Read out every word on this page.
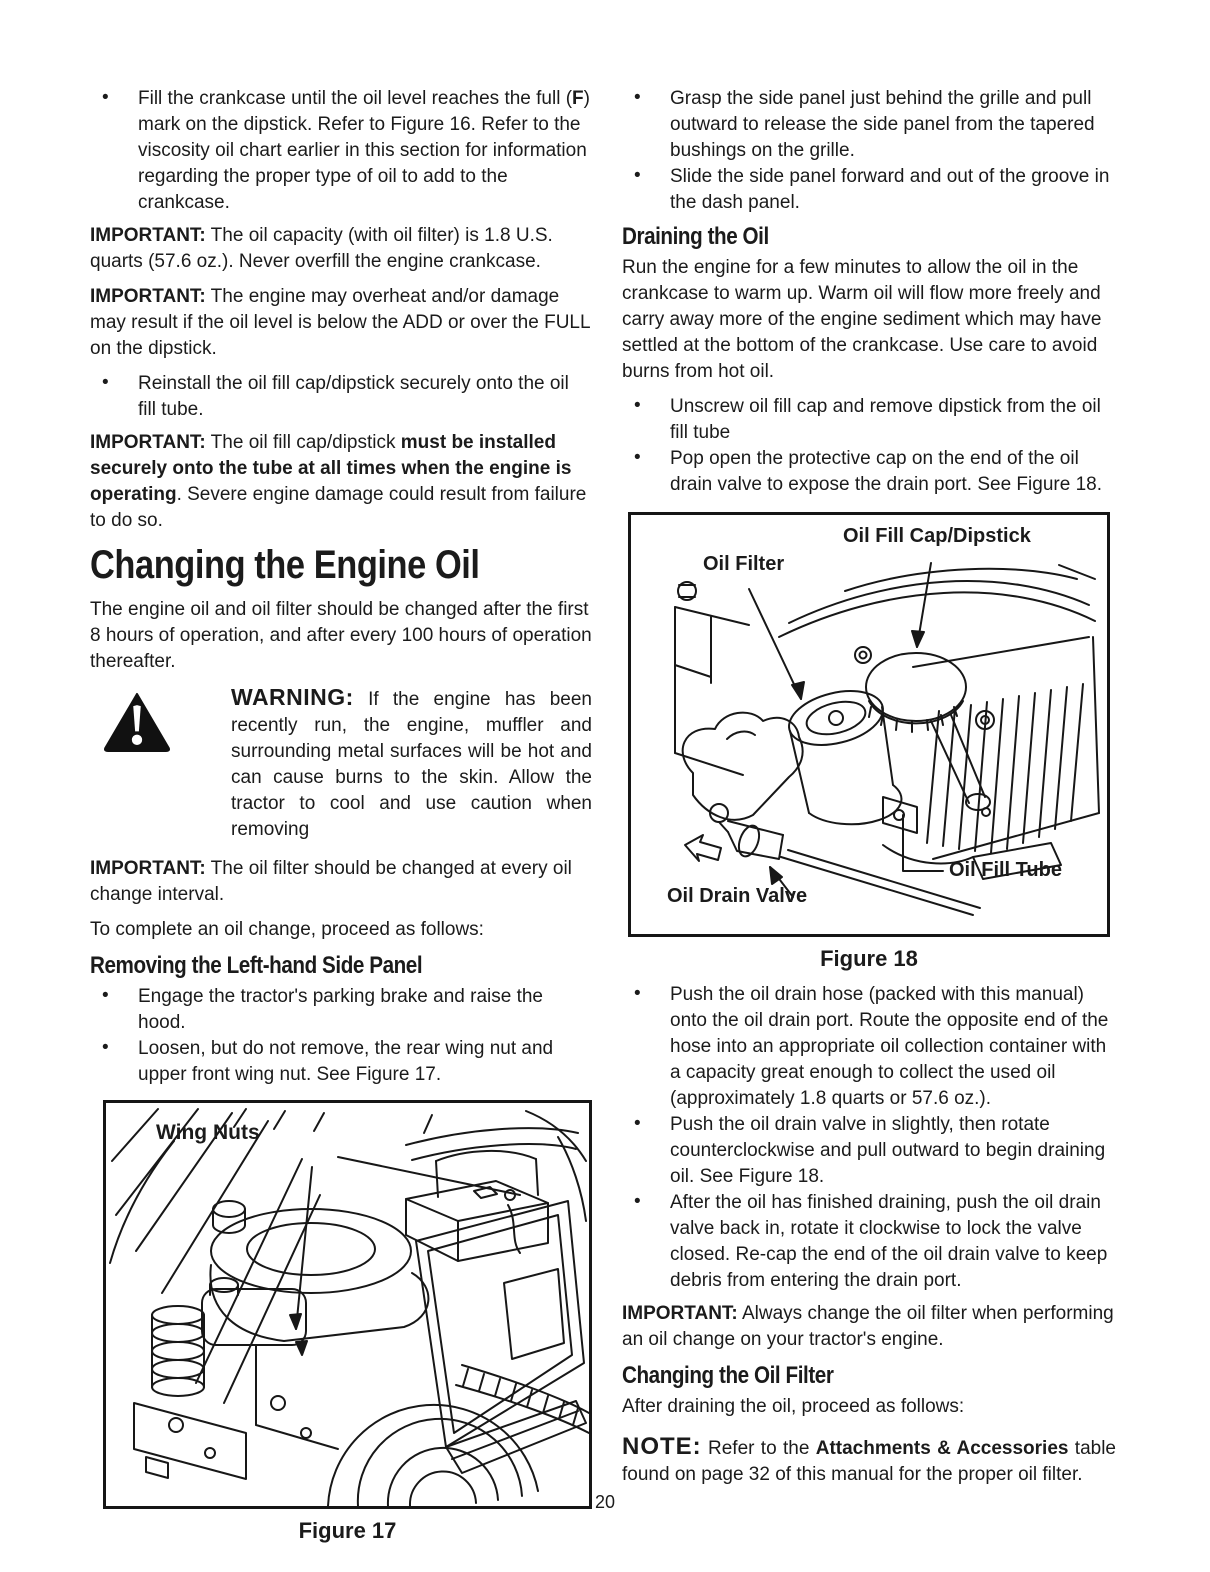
• Fill the crankcase until the oil level reaches the full (F) mark on the dipstick. Refer to Figure 16. Refer to the viscosity oil chart earlier in this section for information regarding the proper type of oil to add to the crankcase.

IMPORTANT: The oil capacity (with oil filter) is 1.8 U.S. quarts (57.6 oz.). Never overfill the engine crankcase.

IMPORTANT: The engine may overheat and/or damage may result if the oil level is below the ADD or over the FULL on the dipstick.

• Reinstall the oil fill cap/dipstick securely onto the oil fill tube.

IMPORTANT: The oil fill cap/dipstick must be installed securely onto the tube at all times when the engine is operating. Severe engine damage could result from failure to do so.

Changing the Engine Oil

The engine oil and oil filter should be changed after the first 8 hours of operation, and after every 100 hours of operation thereafter.

WARNING: If the engine has been recently run, the engine, muffler and surrounding metal surfaces will be hot and can cause burns to the skin. Allow the tractor to cool and use caution when removing

IMPORTANT: The oil filter should be changed at every oil change interval.

To complete an oil change, proceed as follows:

Removing the Left-hand Side Panel
• Engage the tractor's parking brake and raise the hood.
• Loosen, but do not remove, the rear wing nut and upper front wing nut. See Figure 17.
Wing Nuts
Figure 17
• Grasp the side panel just behind the grille and pull outward to release the side panel from the tapered bushings on the grille.
• Slide the side panel forward and out of the groove in the dash panel.
Draining the Oil

Run the engine for a few minutes to allow the oil in the crankcase to warm up. Warm oil will flow more freely and carry away more of the engine sediment which may have settled at the bottom of the crankcase. Use care to avoid burns from hot oil.

• Unscrew oil fill cap and remove dipstick from the oil fill tube
• Pop open the protective cap on the end of the oil drain valve to expose the drain port. See Figure 18.
Oil Fill Cap/Dipstick
Oil Filter
Oil Fill Tube
Oil Drain Valve
Figure 18
• Push the oil drain hose (packed with this manual) onto the oil drain port. Route the opposite end of the hose into an appropriate oil collection container with a capacity great enough to collect the used oil (approximately 1.8 quarts or 57.6 oz.).
• Push the oil drain valve in slightly, then rotate counterclockwise and pull outward to begin draining oil. See Figure 18.
• After the oil has finished draining, push the oil drain valve back in, rotate it clockwise to lock the valve closed. Re-cap the end of the oil drain valve to keep debris from entering the drain port.

IMPORTANT: Always change the oil filter when performing an oil change on your tractor's engine.

Changing the Oil Filter

After draining the oil, proceed as follows:

NOTE: Refer to the Attachments & Accessories table found on page 32 of this manual for the proper oil filter.

20
